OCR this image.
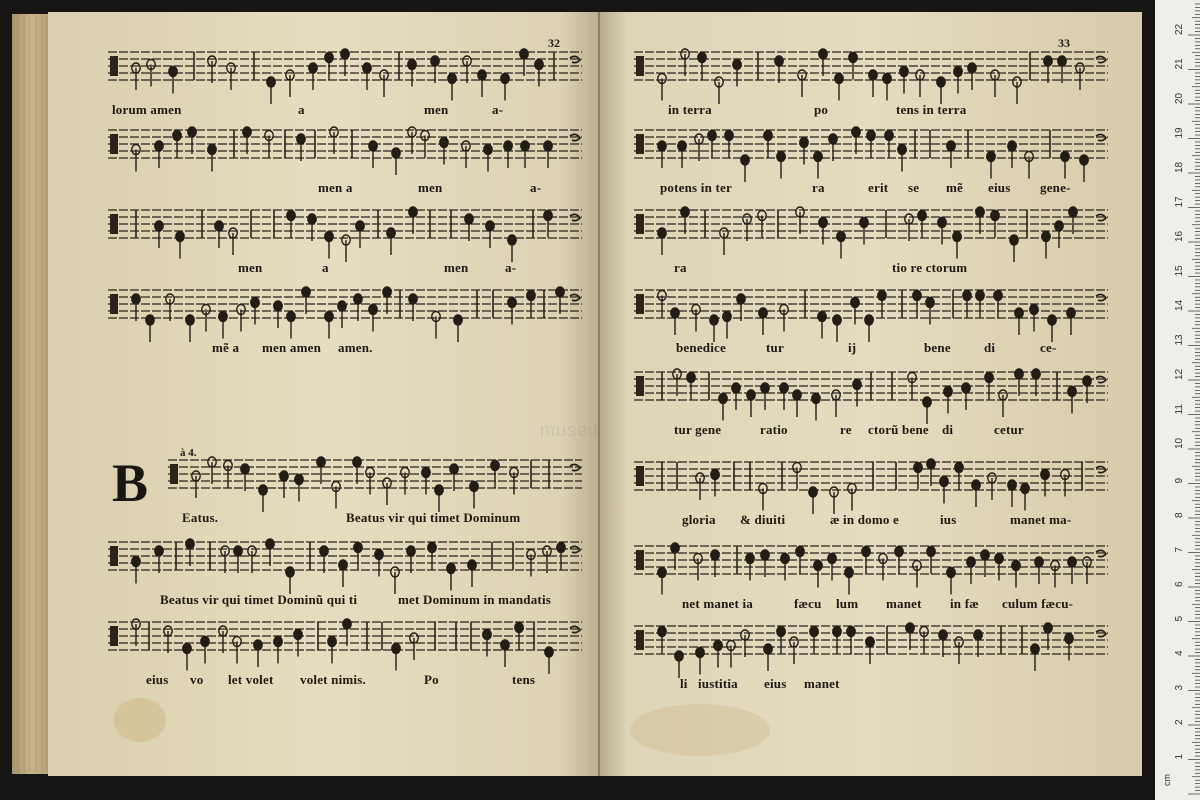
1
2
3
4
5
6
7
8
9
10
11
12
13
14
15
16
17
18
19
20
21
22
cm
museu
B	à 4.
32	33
lorum amen	a	men	a-
men a	men	a-
men	a	men	a-
mẽ a men amen amen.
Eatus.	Beatus vir qui timet Dominum
Beatus vir qui timet Dominũ qui ti	met Dominum in mandatis
eius vo let volet volet nimis.	Po	tens
in terra	po	tens in terra
potens in ter	ra	erit se mẽ eius gene-
ra	tio re ctorum
benedice	tur	ij	bene	di	ce-
tur gene	ratio	re ctorũ bene di	cetur
gloria & diuiti	æ in domo e	ius	manet ma-
net manet ia	fæcu lum manet in fæ culum fæcu-
li iustitia eius manet
